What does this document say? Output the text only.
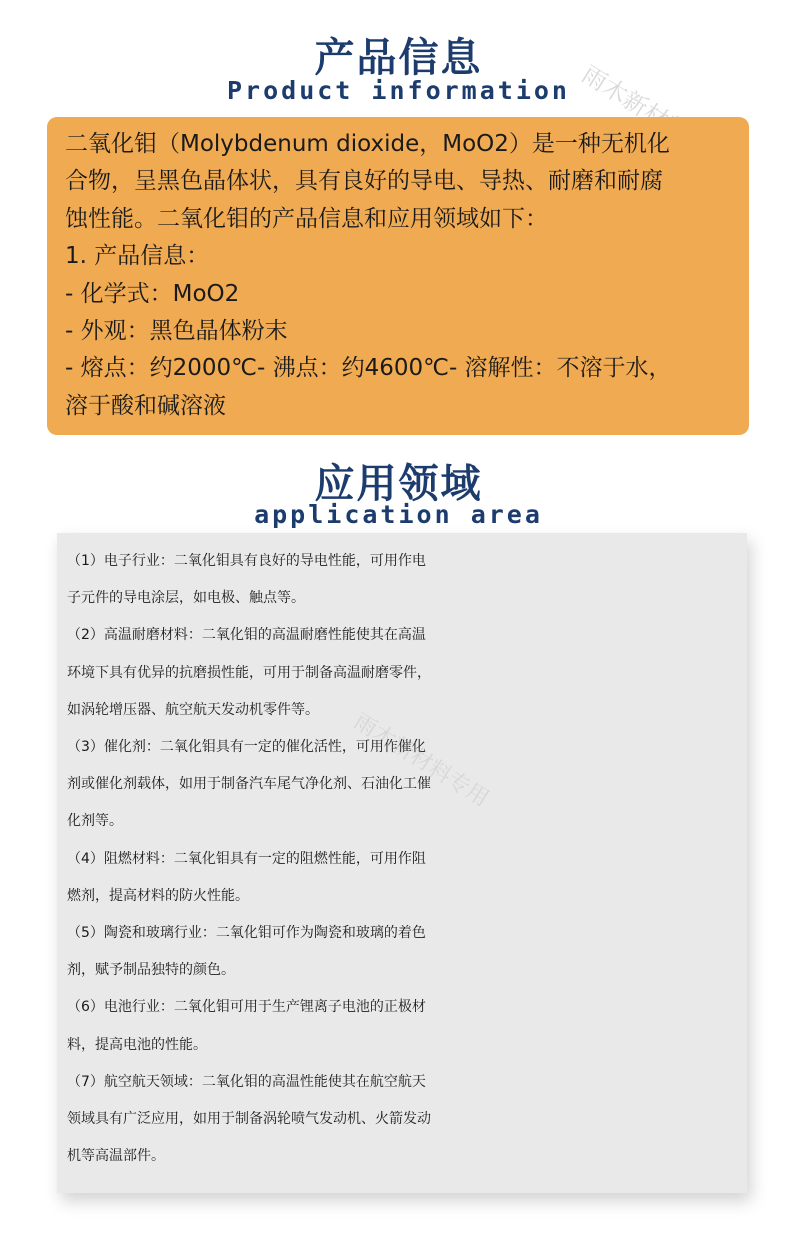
产品信息
Product information
二氧化钼（Molybdenum dioxide，MoO2）是一种无机化
合物，呈黑色晶体状，具有良好的导电、导热、耐磨和耐腐
蚀性能。二氧化钼的产品信息和应用领域如下：
1. 产品信息：
- 化学式：MoO2
- 外观：黑色晶体粉末
- 熔点：约2000℃- 沸点：约4600℃- 溶解性：不溶于水，
溶于酸和碱溶液
应用领域
application area
（1）电子行业：二氧化钼具有良好的导电性能，可用作电
子元件的导电涂层，如电极、触点等。
（2）高温耐磨材料：二氧化钼的高温耐磨性能使其在高温
环境下具有优异的抗磨损性能，可用于制备高温耐磨零件，
如涡轮增压器、航空航天发动机零件等。
（3）催化剂：二氧化钼具有一定的催化活性，可用作催化
剂或催化剂载体，如用于制备汽车尾气净化剂、石油化工催
化剂等。
（4）阻燃材料：二氧化钼具有一定的阻燃性能，可用作阻
燃剂，提高材料的防火性能。
（5）陶瓷和玻璃行业：二氧化钼可作为陶瓷和玻璃的着色
剂，赋予制品独特的颜色。
（6）电池行业：二氧化钼可用于生产锂离子电池的正极材
料，提高电池的性能。
（7）航空航天领域：二氧化钼的高温性能使其在航空航天
领域具有广泛应用，如用于制备涡轮喷气发动机、火箭发动
机等高温部件。
雨木新材料专用
